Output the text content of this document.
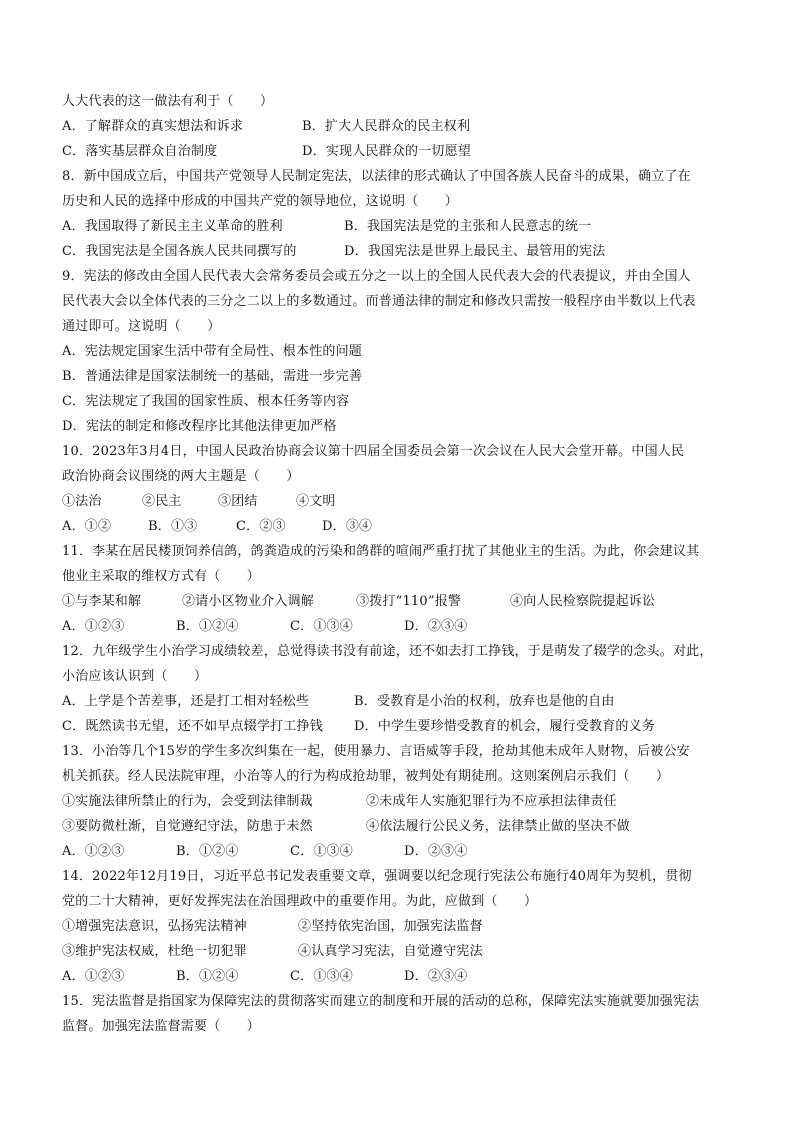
人大代表的这一做法有利于（　　）
A．了解群众的真实想法和诉求	B．扩大人民群众的民主权利
C．落实基层群众自治制度	D．实现人民群众的一切愿望
8．新中国成立后，中国共产党领导人民制定宪法，以法律的形式确认了中国各族人民奋斗的成果，确立了在
历史和人民的选择中形成的中国共产党的领导地位，这说明（　　）
A．我国取得了新民主主义革命的胜利	B．我国宪法是党的主张和人民意志的统一
C．我国宪法是全国各族人民共同撰写的	D．我国宪法是世界上最民主、最管用的宪法
9．宪法的修改由全国人民代表大会常务委员会或五分之一以上的全国人民代表大会的代表提议，并由全国人
民代表大会以全体代表的三分之二以上的多数通过。而普通法律的制定和修改只需按一般程序由半数以上代表
通过即可。这说明（　　）
A．宪法规定国家生活中带有全局性、根本性的问题
B．普通法律是国家法制统一的基础，需进一步完善
C．宪法规定了我国的国家性质、根本任务等内容
D．宪法的制定和修改程序比其他法律更加严格
10．2023年3月4日，中国人民政治协商会议第十四届全国委员会第一次会议在人民大会堂开幕。中国人民
政治协商会议围绕的两大主题是（　　）
①法治	②民主	③团结	④文明
A．①②	B．①③	C．②③	D．③④
11．李某在居民楼顶饲养信鸽，鸽粪造成的污染和鸽群的喧闹严重打扰了其他业主的生活。为此，你会建议其
他业主采取的维权方式有（　　）
①与李某和解	②请小区物业介入调解	③拨打“110”报警	④向人民检察院提起诉讼
A．①②③	B．①②④	C．①③④	D．②③④
12．九年级学生小治学习成绩较差，总觉得读书没有前途，还不如去打工挣钱，于是萌发了辍学的念头。对此，
小治应该认识到（　　）
A．上学是个苦差事，还是打工相对轻松些	B．受教育是小治的权利，放弃也是他的自由
C．既然读书无望，还不如早点辍学打工挣钱	D．中学生要珍惜受教育的机会，履行受教育的义务
13．小治等几个15岁的学生多次纠集在一起，使用暴力、言语威等手段，抢劫其他未成年人财物，后被公安
机关抓获。经人民法院审理，小治等人的行为构成抢劫罪，被判处有期徒刑。这则案例启示我们（　　）
①实施法律所禁止的行为，会受到法律制裁	②未成年人实施犯罪行为不应承担法律责任
③要防微杜渐，自觉遵纪守法，防患于未然	④依法履行公民义务，法律禁止做的坚决不做
A．①②③	B．①②④	C．①③④	D．②③④
14．2022年12月19日，习近平总书记发表重要文章，强调要以纪念现行宪法公布施行40周年为契机，贯彻
党的二十大精神，更好发挥宪法在治国理政中的重要作用。为此，应做到（　　）
①增强宪法意识，弘扬宪法精神	②坚持依宪治国，加强宪法监督
③维护宪法权威，杜绝一切犯罪	④认真学习宪法，自觉遵守宪法
A．①②③	B．①②④	C．①③④	D．②③④
15．宪法监督是指国家为保障宪法的贯彻落实而建立的制度和开展的活动的总称，保障宪法实施就要加强宪法
监督。加强宪法监督需要（　　）
